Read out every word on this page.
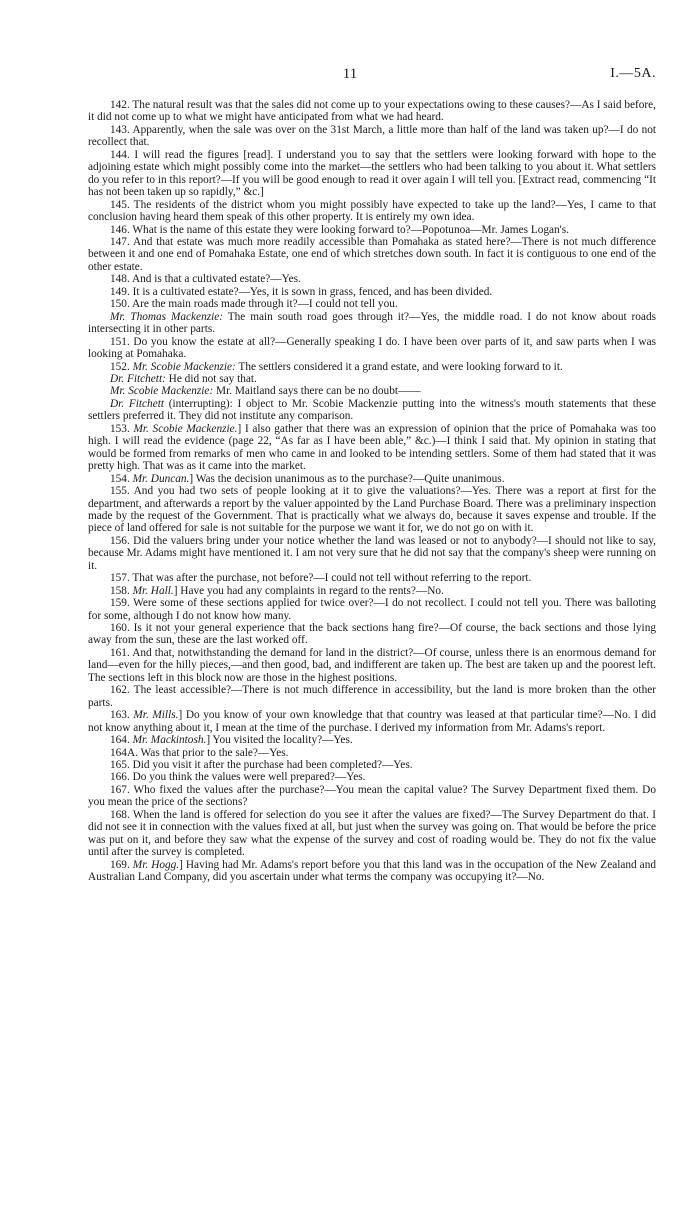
11	I.—5A.

142. The natural result was that the sales did not come up to your expectations owing to these causes?—As I said before, it did not come up to what we might have anticipated from what we had heard.

143. Apparently, when the sale was over on the 31st March, a little more than half of the land was taken up?—I do not recollect that.

144. I will read the figures [read]. I understand you to say that the settlers were looking forward with hope to the adjoining estate which might possibly come into the market—the settlers who had been talking to you about it. What settlers do you refer to in this report?—If you will be good enough to read it over again I will tell you. [Extract read, commencing “It has not been taken up so rapidly,” &c.]

145. The residents of the district whom you might possibly have expected to take up the land?—Yes, I came to that conclusion having heard them speak of this other property. It is entirely my own idea.

146. What is the name of this estate they were looking forward to?—Popotunoa—Mr. James Logan's.

147. And that estate was much more readily accessible than Pomahaka as stated here?—There is not much difference between it and one end of Pomahaka Estate, one end of which stretches down south. In fact it is contiguous to one end of the other estate.

148. And is that a cultivated estate?—Yes.

149. It is a cultivated estate?—Yes, it is sown in grass, fenced, and has been divided.

150. Are the main roads made through it?—I could not tell you.

Mr. Thomas Mackenzie: The main south road goes through it?—Yes, the middle road. I do not know about roads intersecting it in other parts.

151. Do you know the estate at all?—Generally speaking I do. I have been over parts of it, and saw parts when I was looking at Pomahaka.

152. Mr. Scobie Mackenzie: The settlers considered it a grand estate, and were looking forward to it.

Dr. Fitchett: He did not say that.

Mr. Scobie Mackenzie: Mr. Maitland says there can be no doubt——

Dr. Fitchett (interrupting): I object to Mr. Scobie Mackenzie putting into the witness's mouth statements that these settlers preferred it. They did not institute any comparison.

153. Mr. Scobie Mackenzie.] I also gather that there was an expression of opinion that the price of Pomahaka was too high. I will read the evidence (page 22, “As far as I have been able,” &c.)—I think I said that. My opinion in stating that would be formed from remarks of men who came in and looked to be intending settlers. Some of them had stated that it was pretty high. That was as it came into the market.

154. Mr. Duncan.] Was the decision unanimous as to the purchase?—Quite unanimous.

155. And you had two sets of people looking at it to give the valuations?—Yes. There was a report at first for the department, and afterwards a report by the valuer appointed by the Land Purchase Board. There was a preliminary inspection made by the request of the Government. That is practically what we always do, because it saves expense and trouble. If the piece of land offered for sale is not suitable for the purpose we want it for, we do not go on with it.

156. Did the valuers bring under your notice whether the land was leased or not to anybody?—I should not like to say, because Mr. Adams might have mentioned it. I am not very sure that he did not say that the company's sheep were running on it.

157. That was after the purchase, not before?—I could not tell without referring to the report.

158. Mr. Hall.] Have you had any complaints in regard to the rents?—No.

159. Were some of these sections applied for twice over?—I do not recollect. I could not tell you. There was balloting for some, although I do not know how many.

160. Is it not your general experience that the back sections hang fire?—Of course, the back sections and those lying away from the sun, these are the last worked off.

161. And that, notwithstanding the demand for land in the district?—Of course, unless there is an enormous demand for land—even for the hilly pieces,—and then good, bad, and indifferent are taken up. The best are taken up and the poorest left. The sections left in this block now are those in the highest positions.

162. The least accessible?—There is not much difference in accessibility, but the land is more broken than the other parts.

163. Mr. Mills.] Do you know of your own knowledge that that country was leased at that particular time?—No. I did not know anything about it, I mean at the time of the purchase. I derived my information from Mr. Adams's report.

164. Mr. Mackintosh.] You visited the locality?—Yes.

164A. Was that prior to the sale?—Yes.

165. Did you visit it after the purchase had been completed?—Yes.

166. Do you think the values were well prepared?—Yes.

167. Who fixed the values after the purchase?—You mean the capital value? The Survey Department fixed them. Do you mean the price of the sections?

168. When the land is offered for selection do you see it after the values are fixed?—The Survey Department do that. I did not see it in connection with the values fixed at all, but just when the survey was going on. That would be before the price was put on it, and before they saw what the expense of the survey and cost of roading would be. They do not fix the value until after the survey is completed.

169. Mr. Hogg.] Having had Mr. Adams's report before you that this land was in the occupation of the New Zealand and Australian Land Company, did you ascertain under what terms the company was occupying it?—No.
